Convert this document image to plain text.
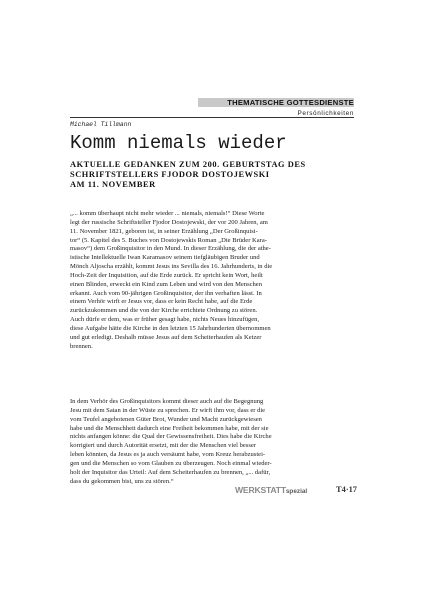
THEMATISCHE GOTTESDIENSTE
Persönlichkeiten
Michael Tillmann
Komm niemals wieder
AKTUELLE GEDANKEN ZUM 200. GEBURTSTAG DES
SCHRIFTSTELLERS FJODOR DOSTOJEWSKI
AM 11. NOVEMBER
„... komm überhaupt nicht mehr wieder ... niemals, niemals!“ Diese Worte
legt der russische Schriftsteller Fjodor Dostojewski, der vor 200 Jahren, am
11. November 1821, geboren ist, in seiner Erzählung „Der Großinquisi-
tor“ (5. Kapitel des 5. Buches von Dostojewskis Roman „Die Brüder Kara-
masov“) dem Großinquisitor in den Mund. In dieser Erzählung, die der athe-
istische Intellektuelle Iwan Karamasov seinem tiefgläubigen Bruder und
Mönch Aljoscha erzählt, kommt Jesus ins Sevilla des 16. Jahrhunderts, in die
Hoch-Zeit der Inquisition, auf die Erde zurück. Er spricht kein Wort, heilt
einen Blinden, erweckt ein Kind zum Leben und wird von den Menschen
erkannt. Auch vom 90-jährigen Großinquisitor, der ihn verhaften lässt. In
einem Verhör wirft er Jesus vor, dass er kein Recht habe, auf die Erde
zurückzukommen und die von der Kirche errichtete Ordnung zu stören.
Auch dürfe er dem, was er früher gesagt habe, nichts Neues hinzufügen,
diese Aufgabe hätte die Kirche in den letzten 15 Jahrhunderten übernommen
und gut erledigt. Deshalb müsse Jesus auf dem Scheiterhaufen als Ketzer
brennen.
In dem Verhör des Großinquisitors kommt dieser auch auf die Begegnung
Jesu mit dem Satan in der Wüste zu sprechen. Er wirft ihm vor, dass er die
vom Teufel angebotenen Güter Brot, Wunder und Macht zurückgewiesen
habe und die Menschheit dadurch eine Freiheit bekommen habe, mit der sie
nichts anfangen könne: die Qual der Gewissensfreiheit. Dies habe die Kirche
korrigiert und durch Autorität ersetzt, mit der die Menschen viel besser
leben könnten, da Jesus es ja auch versäumt habe, vom Kreuz herabzustei-
gen und die Menschen so vom Glauben zu überzeugen. Noch einmal wieder-
holt der Inquisitor das Urteil: Auf dem Scheiterhaufen zu brennen, „... dafür,
dass du gekommen bist, uns zu stören.“
WERKSTATTspezial	T4·17
